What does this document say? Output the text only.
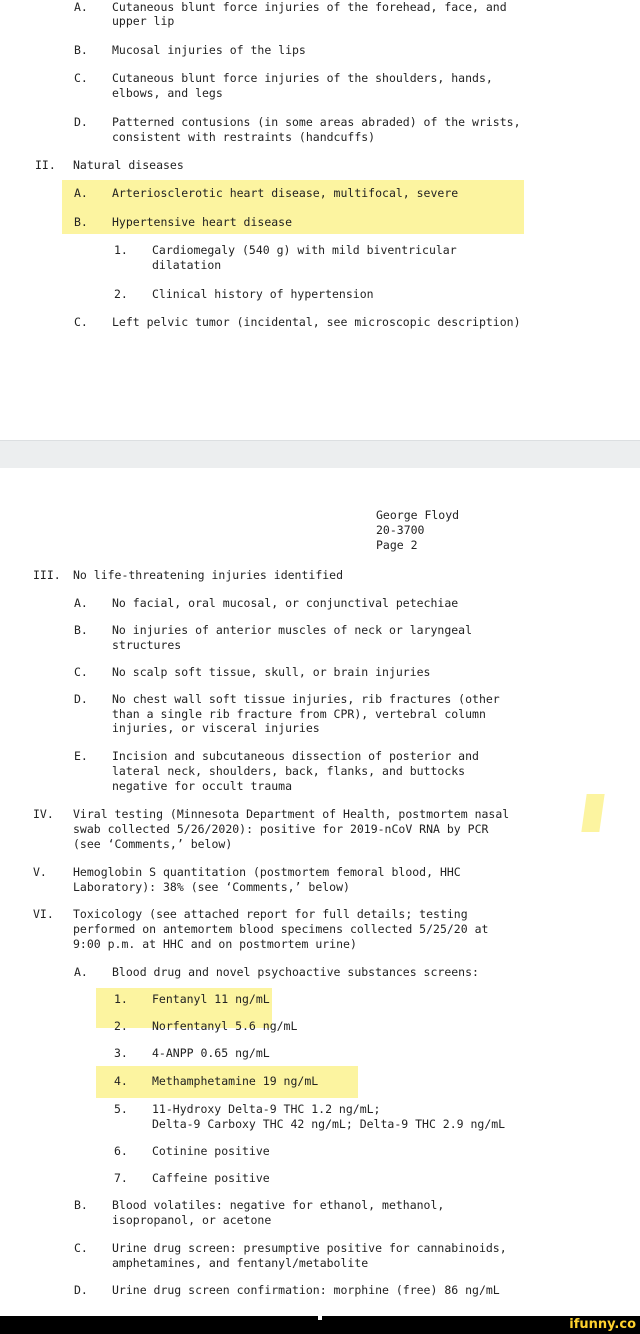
A. Cutaneous blunt force injuries of the forehead, face, and
upper lip
B. Mucosal injuries of the lips
C. Cutaneous blunt force injuries of the shoulders, hands,
elbows, and legs
D. Patterned contusions (in some areas abraded) of the wrists,
consistent with restraints (handcuffs)
II. Natural diseases
A. Arteriosclerotic heart disease, multifocal, severe
B. Hypertensive heart disease
1. Cardiomegaly (540 g) with mild biventricular
dilatation
2. Clinical history of hypertension
C. Left pelvic tumor (incidental, see microscopic description)
George Floyd
20-3700
Page 2
III. No life-threatening injuries identified
A. No facial, oral mucosal, or conjunctival petechiae
B. No injuries of anterior muscles of neck or laryngeal
structures
C. No scalp soft tissue, skull, or brain injuries
D. No chest wall soft tissue injuries, rib fractures (other
than a single rib fracture from CPR), vertebral column
injuries, or visceral injuries
E. Incision and subcutaneous dissection of posterior and
lateral neck, shoulders, back, flanks, and buttocks
negative for occult trauma
IV. Viral testing (Minnesota Department of Health, postmortem nasal
swab collected 5/26/2020): positive for 2019-nCoV RNA by PCR
(see ‘Comments,’ below)
V. Hemoglobin S quantitation (postmortem femoral blood, HHC
Laboratory): 38% (see ‘Comments,’ below)
VI. Toxicology (see attached report for full details; testing
performed on antemortem blood specimens collected 5/25/20 at
9:00 p.m. at HHC and on postmortem urine)
A. Blood drug and novel psychoactive substances screens:
1. Fentanyl 11 ng/mL
2. Norfentanyl 5.6 ng/mL
3. 4-ANPP 0.65 ng/mL
4. Methamphetamine 19 ng/mL
5. 11-Hydroxy Delta-9 THC 1.2 ng/mL;
Delta-9 Carboxy THC 42 ng/mL; Delta-9 THC 2.9 ng/mL
6. Cotinine positive
7. Caffeine positive
B. Blood volatiles: negative for ethanol, methanol,
isopropanol, or acetone
C. Urine drug screen: presumptive positive for cannabinoids,
amphetamines, and fentanyl/metabolite
D. Urine drug screen confirmation: morphine (free) 86 ng/mL
ifunny.co
